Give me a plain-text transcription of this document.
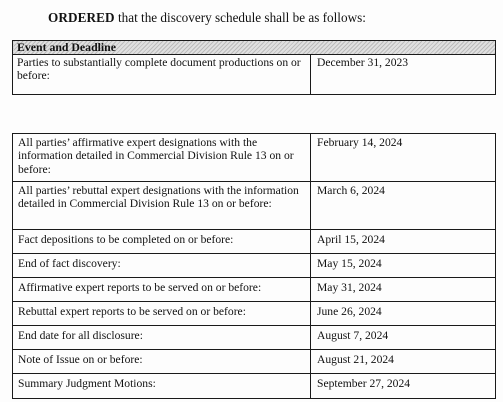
ORDERED that the discovery schedule shall be as follows:
Event and Deadline
Parties to substantially complete document productions on or before:	December 31, 2023
All parties’ affirmative expert designations with the information detailed in Commercial Division Rule 13 on or before:	February 14, 2024
All parties’ rebuttal expert designations with the information detailed in Commercial Division Rule 13 on or before:	March 6, 2024
Fact depositions to be completed on or before:	April 15, 2024
End of fact discovery:	May 15, 2024
Affirmative expert reports to be served on or before:	May 31, 2024
Rebuttal expert reports to be served on or before:	June 26, 2024
End date for all disclosure:	August 7, 2024
Note of Issue on or before:	August 21, 2024
Summary Judgment Motions:	September 27, 2024
